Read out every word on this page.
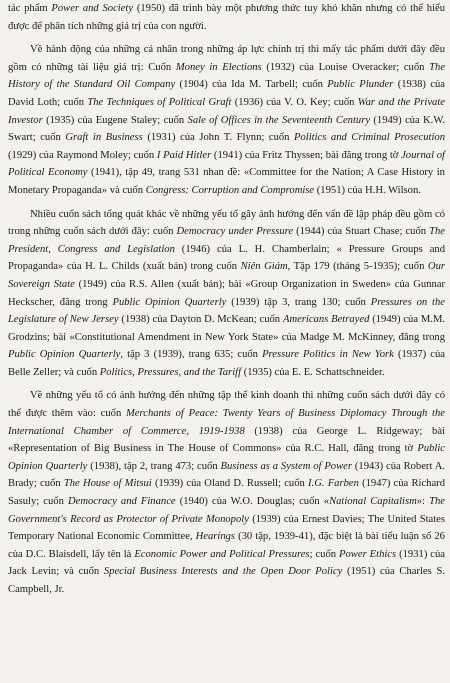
tác phẩm Power and Society (1950) đã trình bày một phương thức tuy khó khăn nhưng có thể hiểu được để phân tích những giá trị của con người.

Về hành động của những cá nhân trong những áp lực chính trị thì mấy tác phẩm dưới đây đều gồm có những tài liệu giá trị: Cuốn Money in Elections (1932) của Louise Overacker; cuốn The History of the Standard Oil Company (1904) của Ida M. Tarbell; cuốn Public Plunder (1938) của David Loth; cuốn The Techniques of Political Graft (1936) của V. O. Key; cuốn War and the Private Investor (1935) của Eugene Staley; cuốn Sale of Offices in the Seventeenth Century (1949) của K.W. Swart; cuốn Graft in Business (1931) của John T. Flynn; cuốn Politics and Criminal Prosecution (1929) của Raymond Moley; cuốn I Paid Hitler (1941) của Fritz Thyssen; bài đăng trong tờ Journal of Political Economy (1941), tập 49, trang 531 nhan đề: «Committee for the Nation; A Case History in Monetary Propaganda» và cuốn Congress: Corruption and Compromise (1951) của H.H. Wilson.

Nhiều cuốn sách tổng quát khác về những yếu tố gây ảnh hưởng đến vấn đề lập pháp đều gồm có trong những cuốn sách dưới đây: cuốn Democracy under Pressure (1944) của Stuart Chase; cuốn The President, Congress and Legislation (1946) của L. H. Chamberlain; « Pressure Groups and Propaganda» của H. L. Childs (xuất bản) trong cuốn Niên Giám, Tập 179 (tháng 5-1935); cuốn Our Sovereign State (1949) của R.S. Allen (xuất bản); bài «Group Organization in Sweden» của Gunnar Heckscher, đăng trong Public Opinion Quarterly (1939) tập 3, trang 130; cuốn Pressures on the Legislature of New Jersey (1938) của Dayton D. McKean; cuốn Americans Betrayed (1949) của M.M. Grodzins; bài «Constitutional Amendment in New York State» của Madge M. McKinney, đăng trong Public Opinion Quarterly, tập 3 (1939), trang 635; cuốn Pressure Politics in New York (1937) của Belle Zeller; và cuốn Politics, Pressures, and the Tariff (1935) của E. E. Schattschneider.

Về những yếu tố có ảnh hưởng đến những tập thể kinh doanh thì những cuốn sách dưới đây có thể được thêm vào: cuốn Merchants of Peace: Twenty Years of Business Diplomacy Through the International Chamber of Commerce, 1919-1938 (1938) của George L. Ridgeway; bài «Representation of Big Business in The House of Commons» của R.C. Hall, đăng trong tờ Public Opinion Quarterly (1938), tập 2, trang 473; cuốn Business as a System of Power (1943) của Robert A. Brady; cuốn The House of Mitsui (1939) của Oland D. Russell; cuốn I.G. Farben (1947) của Richard Sasuly; cuốn Democracy and Finance (1940) của W.O. Douglas; cuốn «National Capitalism»: The Government's Record as Protector of Private Monopoly (1939) của Ernest Davies; The United States Temporary National Economic Committee, Hearings (30 tập, 1939-41), đặc biệt là bài tiểu luận số 26 của D.C. Blaisdell, lấy tên là Economic Power and Political Pressures; cuốn Power Ethics (1931) của Jack Levin; và cuốn Special Business Interests and the Open Door Policy (1951) của Charles S. Campbell, Jr.
